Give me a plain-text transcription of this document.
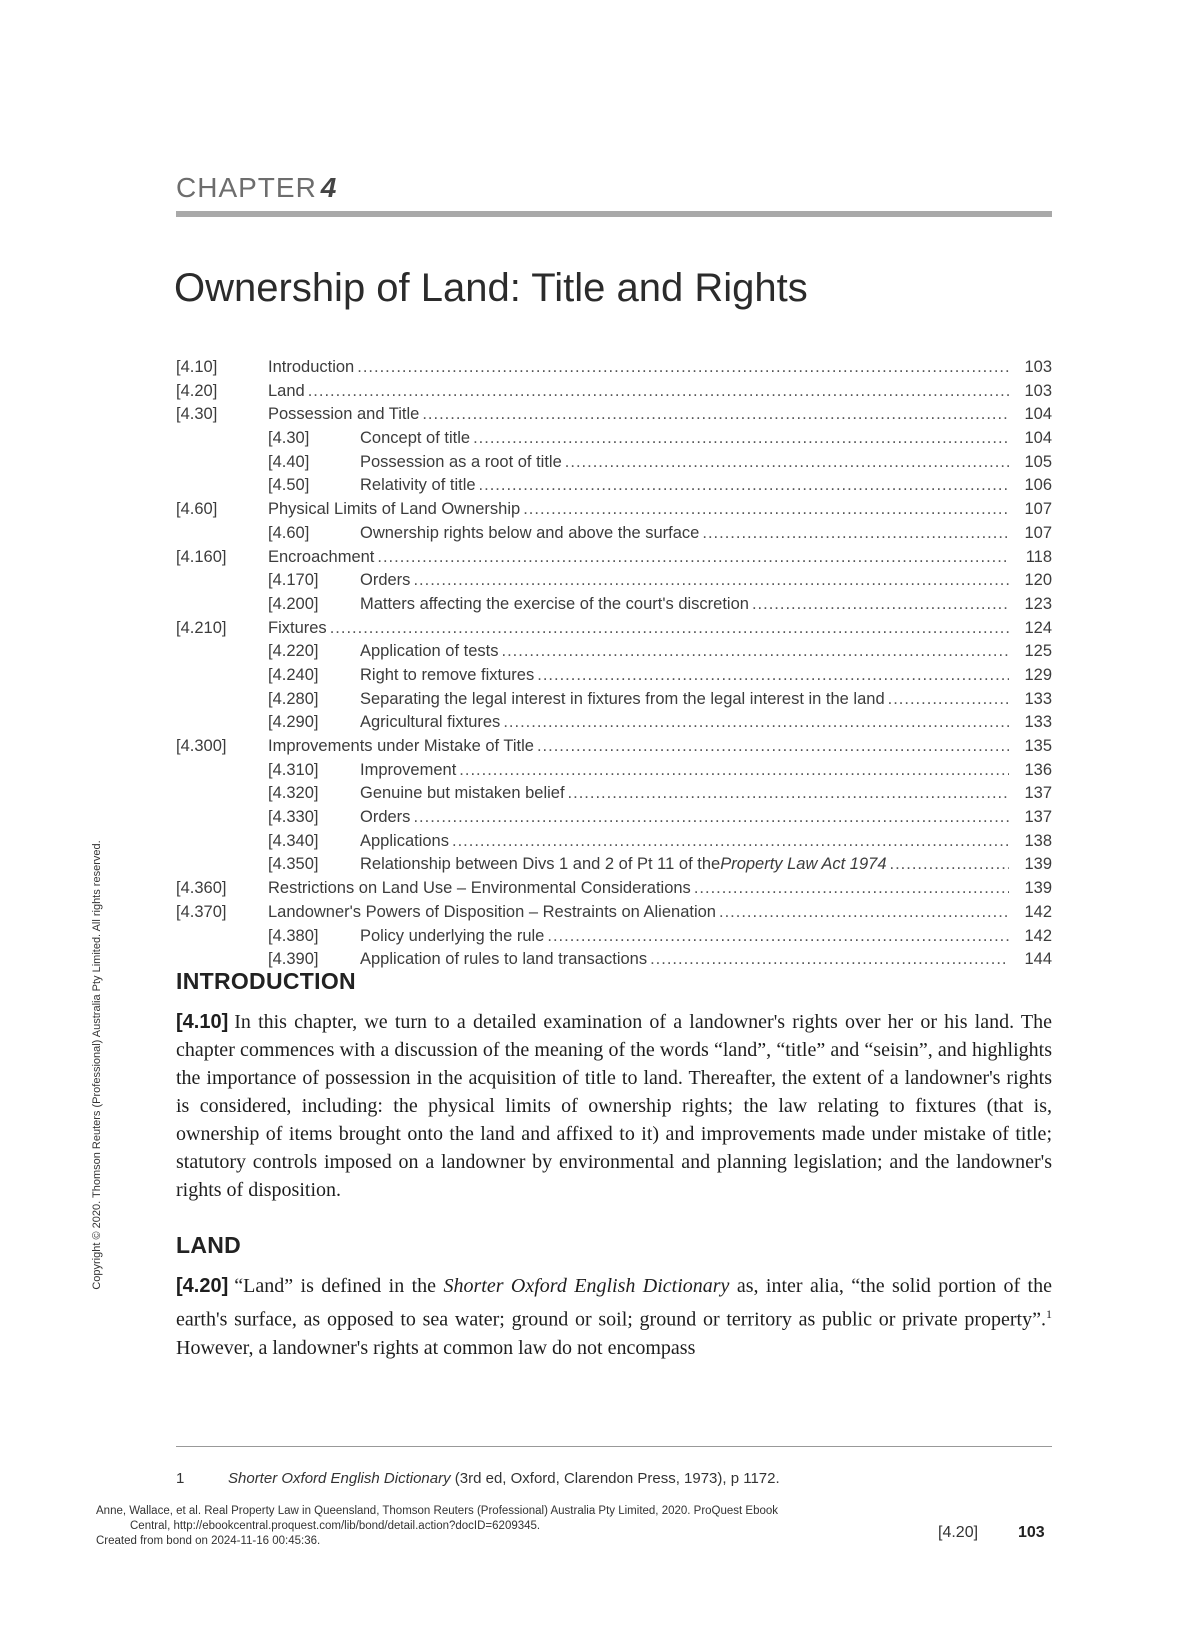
CHAPTER 4
Ownership of Land: Title and Rights
[4.10]	Introduction .....	103
[4.20]	Land .....	103
[4.30]	Possession and Title .....	104
[4.30]	Concept of title .....	104
[4.40]	Possession as a root of title .....	105
[4.50]	Relativity of title .....	106
[4.60]	Physical Limits of Land Ownership .....	107
[4.60]	Ownership rights below and above the surface .....	107
[4.160]	Encroachment .....	118
[4.170]	Orders .....	120
[4.200]	Matters affecting the exercise of the court's discretion .....	123
[4.210]	Fixtures .....	124
[4.220]	Application of tests .....	125
[4.240]	Right to remove fixtures .....	129
[4.280]	Separating the legal interest in fixtures from the legal interest in the land .....	133
[4.290]	Agricultural fixtures .....	133
[4.300]	Improvements under Mistake of Title .....	135
[4.310]	Improvement .....	136
[4.320]	Genuine but mistaken belief .....	137
[4.330]	Orders .....	137
[4.340]	Applications .....	138
[4.350]	Relationship between Divs 1 and 2 of Pt 11 of the Property Law Act 1974 .....	139
[4.360]	Restrictions on Land Use – Environmental Considerations .....	139
[4.370]	Landowner's Powers of Disposition – Restraints on Alienation .....	142
[4.380]	Policy underlying the rule .....	142
[4.390]	Application of rules to land transactions .....	144
INTRODUCTION

[4.10] In this chapter, we turn to a detailed examination of a landowner's rights over her or his land. The chapter commences with a discussion of the meaning of the words “land”, “title” and “seisin”, and highlights the importance of possession in the acquisition of title to land. Thereafter, the extent of a landowner's rights is considered, including: the physical limits of ownership rights; the law relating to fixtures (that is, ownership of items brought onto the land and affixed to it) and improvements made under mistake of title; statutory controls imposed on a landowner by environmental and planning legislation; and the landowner's rights of disposition.

LAND

[4.20] “Land” is defined in the Shorter Oxford English Dictionary as, inter alia, “the solid portion of the earth's surface, as opposed to sea water; ground or soil; ground or territory as public or private property”.$^1$ However, a landowner's rights at common law do not encompass

1	Shorter Oxford English Dictionary (3rd ed, Oxford, Clarendon Press, 1973), p 1172.
Anne, Wallace, et al. Real Property Law in Queensland, Thomson Reuters (Professional) Australia Pty Limited, 2020. ProQuest Ebook
Central, http://ebookcentral.proquest.com/lib/bond/detail.action?docID=6209345.
Created from bond on 2024-11-16 00:45:36.	[4.20] 103
Copyright © 2020. Thomson Reuters (Professional) Australia Pty Limited. All rights reserved.
